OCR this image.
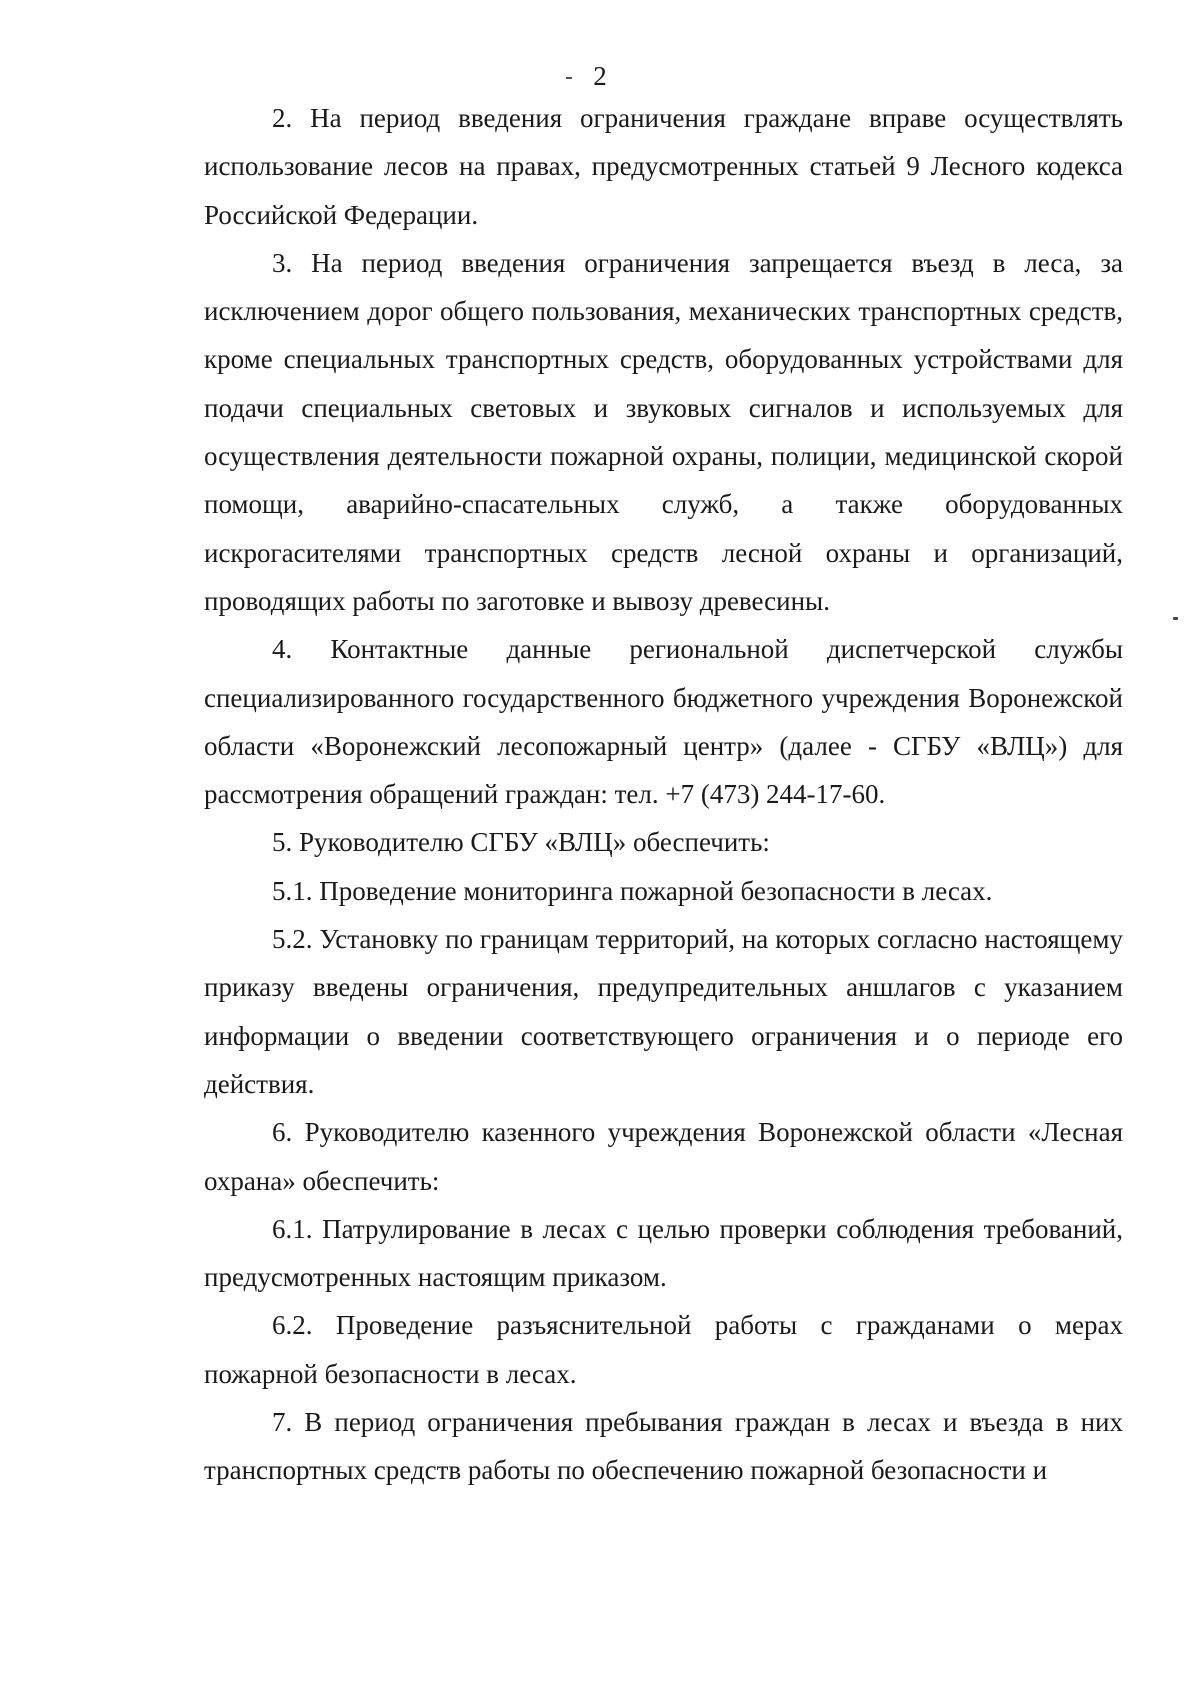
2

2. На период введения ограничения граждане вправе осуществлять использование лесов на правах, предусмотренных статьей 9 Лесного кодекса Российской Федерации.

3. На период введения ограничения запрещается въезд в леса, за исключением дорог общего пользования, механических транспортных средств, кроме специальных транспортных средств, оборудованных устройствами для подачи специальных световых и звуковых сигналов и используемых для осуществления деятельности пожарной охраны, полиции, медицинской скорой помощи, аварийно-спасательных служб, а также оборудованных искрогасителями транспортных средств лесной охраны и организаций, проводящих работы по заготовке и вывозу древесины.

4. Контактные данные региональной диспетчерской службы специализированного государственного бюджетного учреждения Воронежской области «Воронежский лесопожарный центр» (далее - СГБУ «ВЛЦ») для рассмотрения обращений граждан: тел. +7 (473) 244-17-60.

5. Руководителю СГБУ «ВЛЦ» обеспечить:

5.1. Проведение мониторинга пожарной безопасности в лесах.

5.2. Установку по границам территорий, на которых согласно настоящему приказу введены ограничения, предупредительных аншлагов с указанием информации о введении соответствующего ограничения и о периоде его действия.

6. Руководителю казенного учреждения Воронежской области «Лесная охрана» обеспечить:

6.1. Патрулирование в лесах с целью проверки соблюдения требований, предусмотренных настоящим приказом.

6.2. Проведение разъяснительной работы с гражданами о мерах пожарной безопасности в лесах.

7. В период ограничения пребывания граждан в лесах и въезда в них транспортных средств работы по обеспечению пожарной безопасности и
